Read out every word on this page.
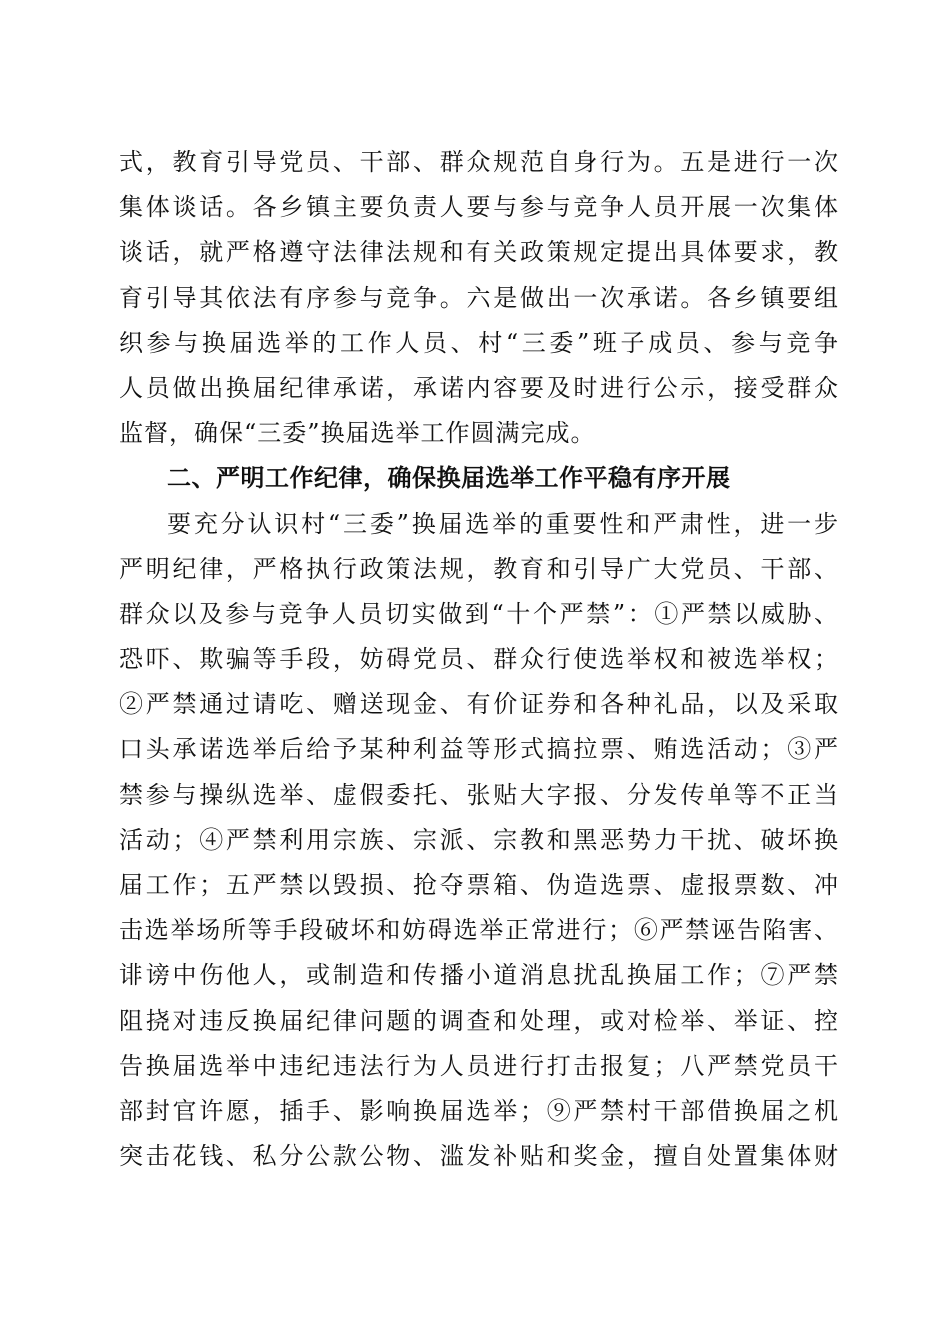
式，教育引导党员、干部、群众规范自身行为。五是进行一次
集体谈话。各乡镇主要负责人要与参与竞争人员开展一次集体
谈话，就严格遵守法律法规和有关政策规定提出具体要求，教
育引导其依法有序参与竞争。六是做出一次承诺。各乡镇要组
织参与换届选举的工作人员、村“三委”班子成员、参与竞争
人员做出换届纪律承诺，承诺内容要及时进行公示，接受群众
监督，确保“三委”换届选举工作圆满完成。
二、严明工作纪律，确保换届选举工作平稳有序开展
要充分认识村“三委”换届选举的重要性和严肃性，进一步
严明纪律，严格执行政策法规，教育和引导广大党员、干部、
群众以及参与竞争人员切实做到“十个严禁”：①严禁以威胁、
恐吓、欺骗等手段，妨碍党员、群众行使选举权和被选举权；
②严禁通过请吃、赠送现金、有价证券和各种礼品，以及采取
口头承诺选举后给予某种利益等形式搞拉票、贿选活动；③严
禁参与操纵选举、虚假委托、张贴大字报、分发传单等不正当
活动；④严禁利用宗族、宗派、宗教和黑恶势力干扰、破坏换
届工作；五严禁以毁损、抢夺票箱、伪造选票、虚报票数、冲
击选举场所等手段破坏和妨碍选举正常进行；⑥严禁诬告陷害、
诽谤中伤他人，或制造和传播小道消息扰乱换届工作；⑦严禁
阻挠对违反换届纪律问题的调查和处理，或对检举、举证、控
告换届选举中违纪违法行为人员进行打击报复；八严禁党员干
部封官许愿，插手、影响换届选举；⑨严禁村干部借换届之机
突击花钱、私分公款公物、滥发补贴和奖金，擅自处置集体财
